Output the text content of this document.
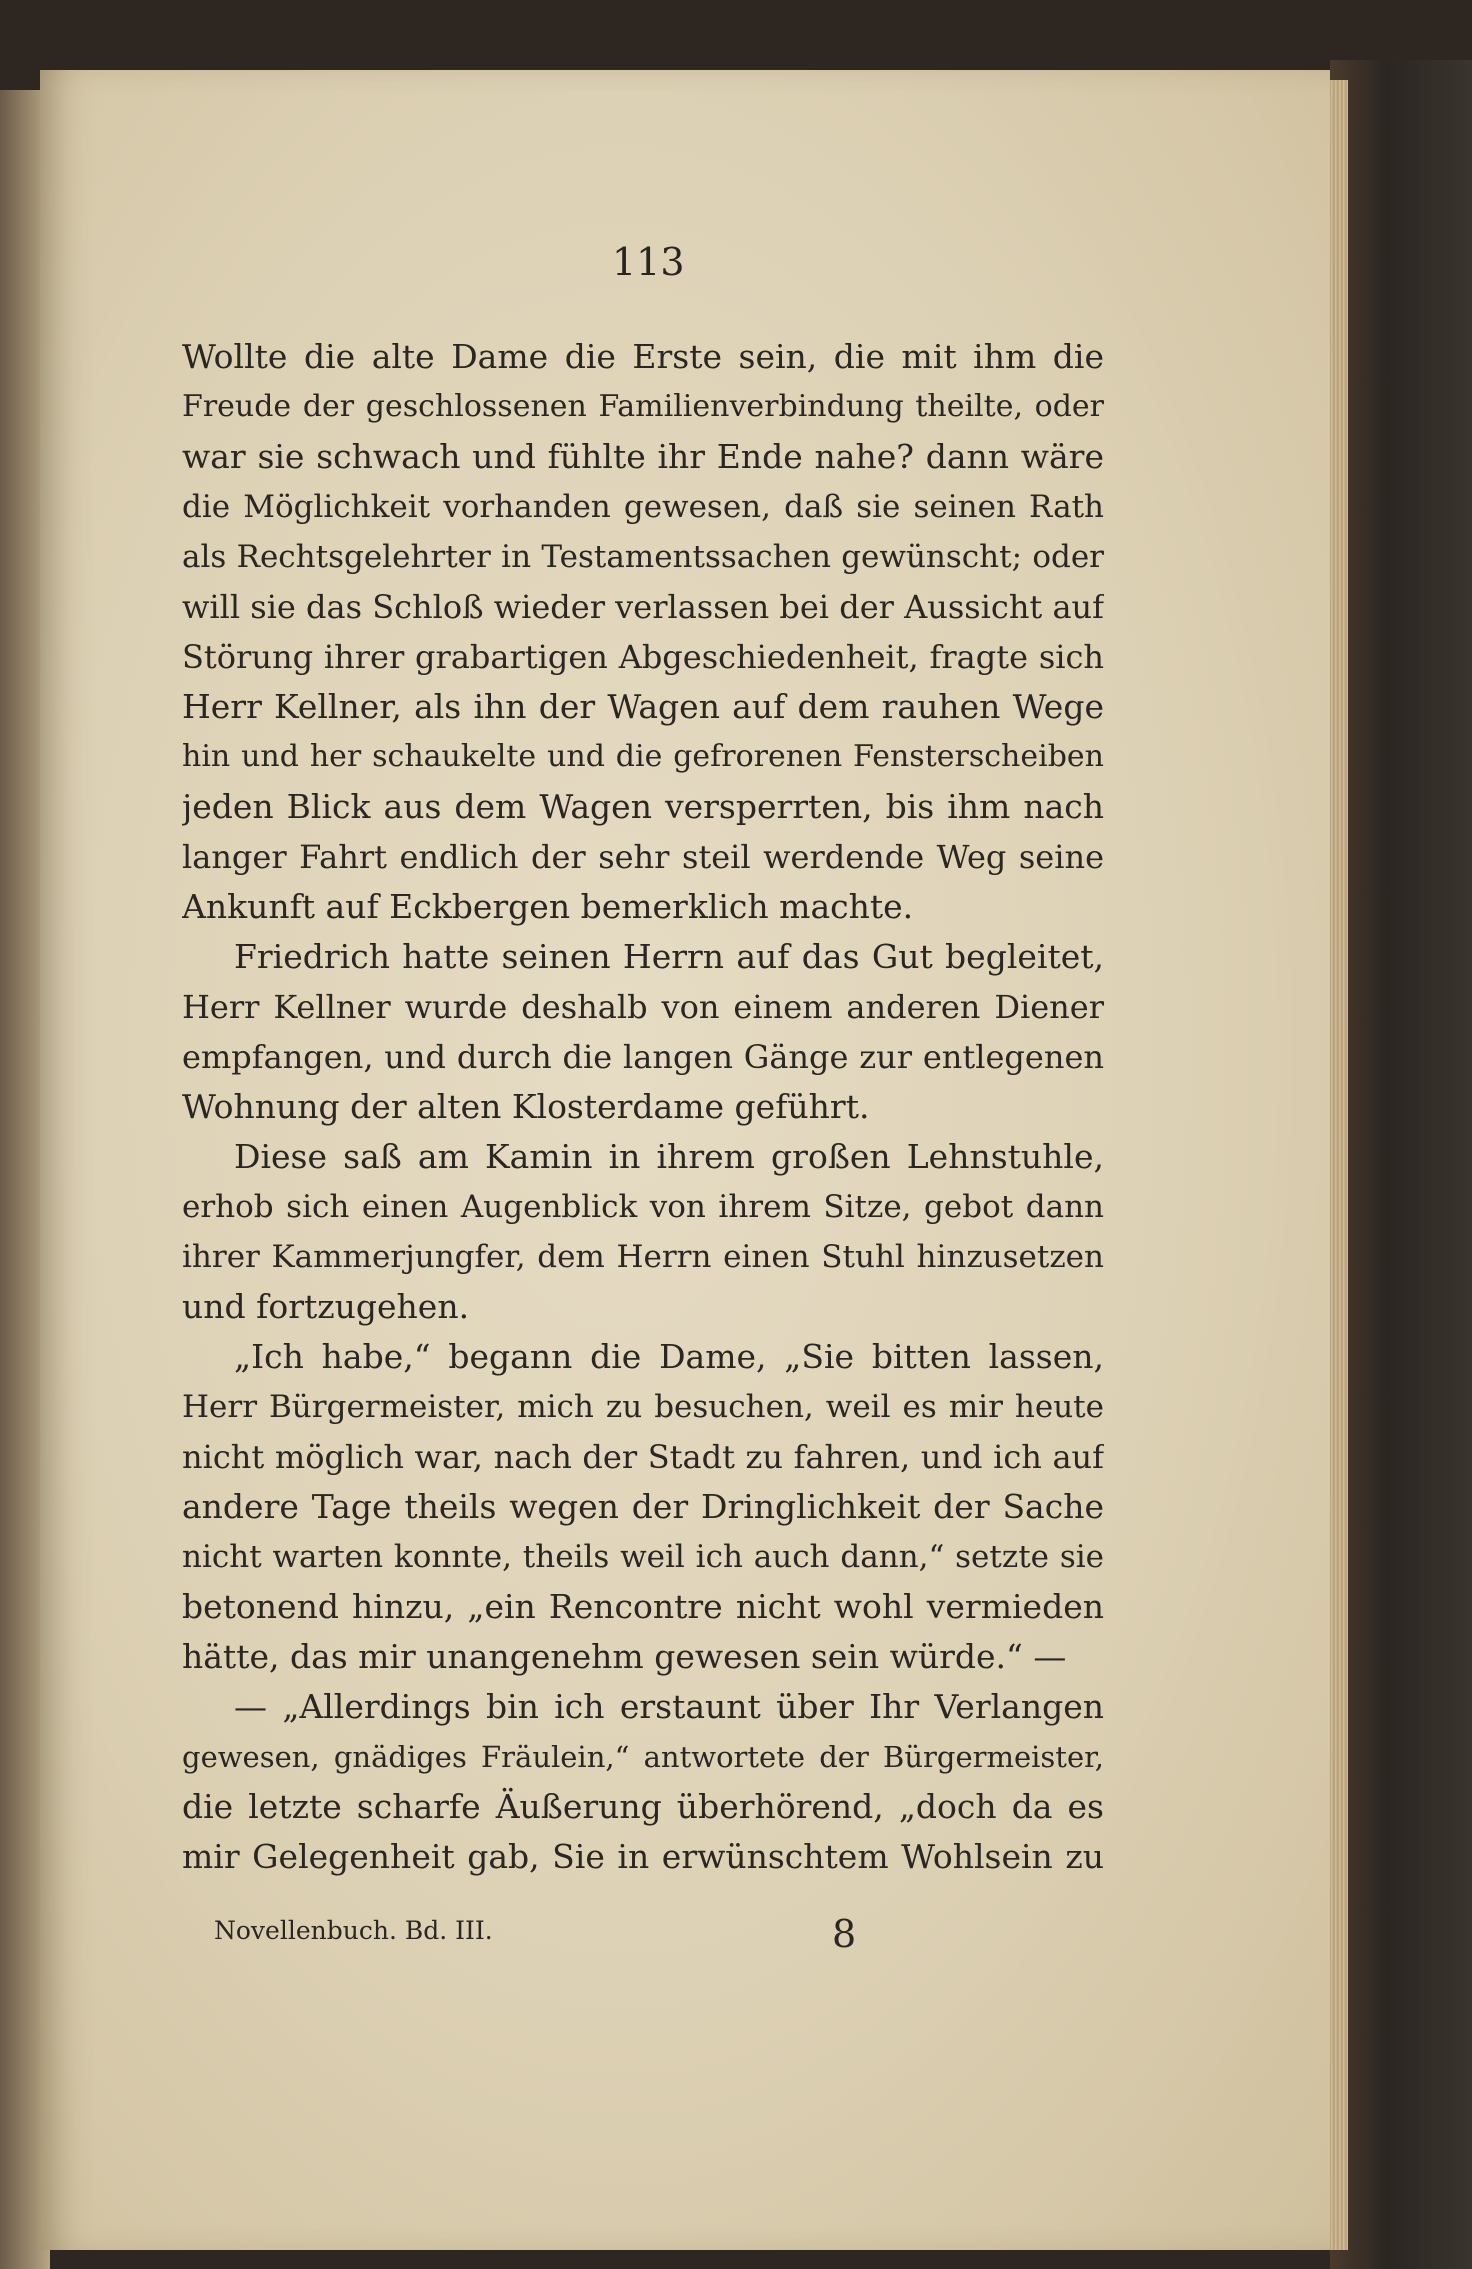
113
Wollte die alte Dame die Erste sein, die mit ihm die
Freude der geschlossenen Familienverbindung theilte, oder
war sie schwach und fühlte ihr Ende nahe? dann wäre
die Möglichkeit vorhanden gewesen, daß sie seinen Rath
als Rechtsgelehrter in Testamentssachen gewünscht; oder
will sie das Schloß wieder verlassen bei der Aussicht auf
Störung ihrer grabartigen Abgeschiedenheit, fragte sich
Herr Kellner, als ihn der Wagen auf dem rauhen Wege
hin und her schaukelte und die gefrorenen Fensterscheiben
jeden Blick aus dem Wagen versperrten, bis ihm nach
langer Fahrt endlich der sehr steil werdende Weg seine
Ankunft auf Eckbergen bemerklich machte.
Friedrich hatte seinen Herrn auf das Gut begleitet,
Herr Kellner wurde deshalb von einem anderen Diener
empfangen, und durch die langen Gänge zur entlegenen
Wohnung der alten Klosterdame geführt.
Diese saß am Kamin in ihrem großen Lehnstuhle,
erhob sich einen Augenblick von ihrem Sitze, gebot dann
ihrer Kammerjungfer, dem Herrn einen Stuhl hinzusetzen
und fortzugehen.
„Ich habe,“ begann die Dame, „Sie bitten lassen,
Herr Bürgermeister, mich zu besuchen, weil es mir heute
nicht möglich war, nach der Stadt zu fahren, und ich auf
andere Tage theils wegen der Dringlichkeit der Sache
nicht warten konnte, theils weil ich auch dann,“ setzte sie
betonend hinzu, „ein Rencontre nicht wohl vermieden
hätte, das mir unangenehm gewesen sein würde.“ —
— „Allerdings bin ich erstaunt über Ihr Verlangen
gewesen, gnädiges Fräulein,“ antwortete der Bürgermeister,
die letzte scharfe Äußerung überhörend, „doch da es
mir Gelegenheit gab, Sie in erwünschtem Wohlsein zu
Novellenbuch. Bd. III.	8
